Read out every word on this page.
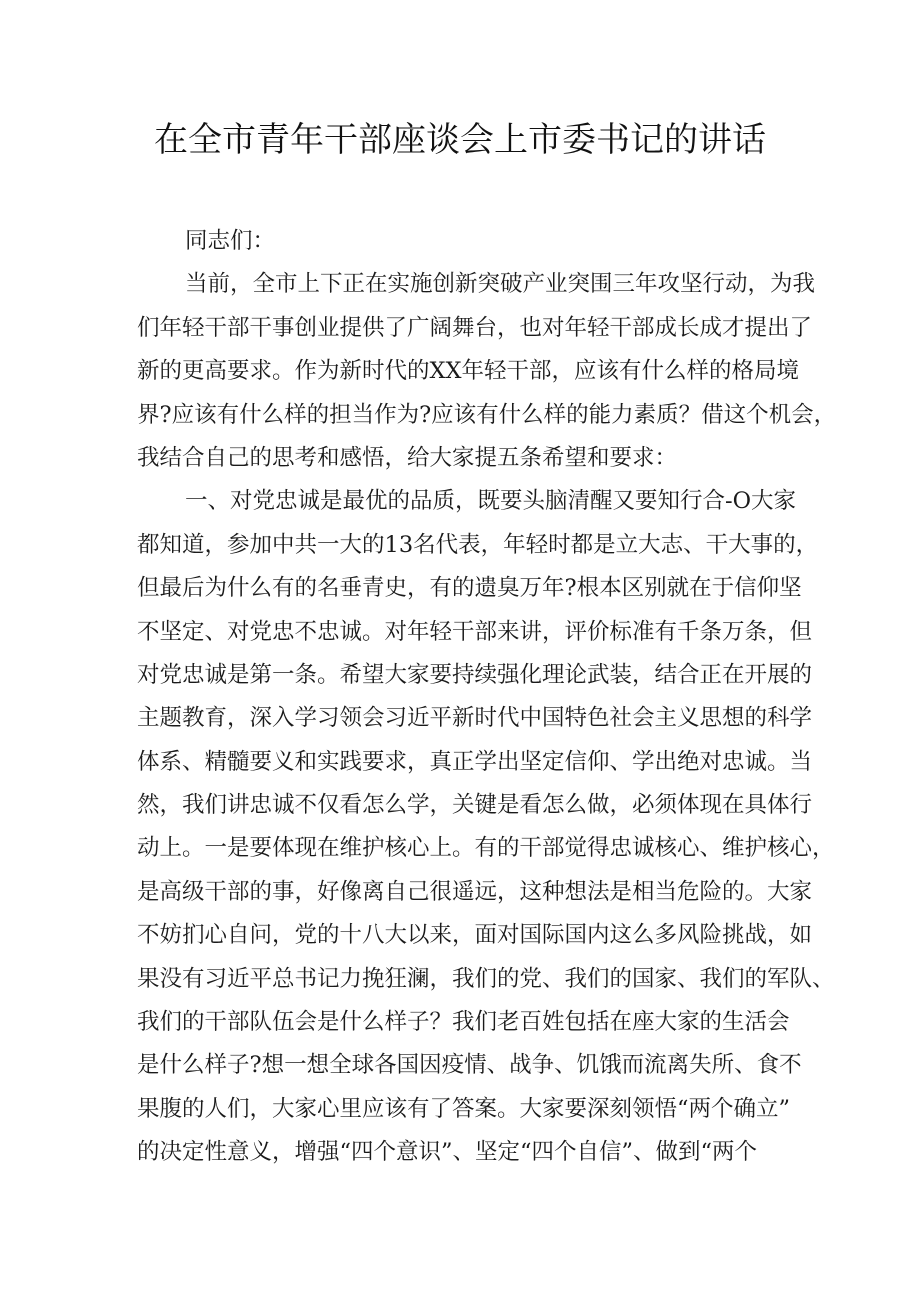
在全市青年干部座谈会上市委书记的讲话
同志们：
当前，全市上下正在实施创新突破产业突围三年攻坚行动，为我
们年轻干部干事创业提供了广阔舞台，也对年轻干部成长成才提出了
新的更高要求。作为新时代的XX年轻干部，应该有什么样的格局境
界?应该有什么样的担当作为?应该有什么样的能力素质？借这个机会，
我结合自己的思考和感悟，给大家提五条希望和要求：
一、对党忠诚是最优的品质，既要头脑清醒又要知行合-O大家
都知道，参加中共一大的13名代表，年轻时都是立大志、干大事的，
但最后为什么有的名垂青史，有的遗臭万年?根本区别就在于信仰坚
不坚定、对党忠不忠诚。对年轻干部来讲，评价标准有千条万条，但
对党忠诚是第一条。希望大家要持续强化理论武装，结合正在开展的
主题教育，深入学习领会习近平新时代中国特色社会主义思想的科学
体系、精髓要义和实践要求，真正学出坚定信仰、学出绝对忠诚。当
然，我们讲忠诚不仅看怎么学，关键是看怎么做，必须体现在具体行
动上。一是要体现在维护核心上。有的干部觉得忠诚核心、维护核心，
是高级干部的事，好像离自己很遥远，这种想法是相当危险的。大家
不妨扪心自问，党的十八大以来，面对国际国内这么多风险挑战，如
果没有习近平总书记力挽狂澜，我们的党、我们的国家、我们的军队、
我们的干部队伍会是什么样子？我们老百姓包括在座大家的生活会
是什么样子?想一想全球各国因疫情、战争、饥饿而流离失所、食不
果腹的人们，大家心里应该有了答案。大家要深刻领悟“两个确立”
的决定性意义，增强“四个意识”、坚定“四个自信”、做到“两个
